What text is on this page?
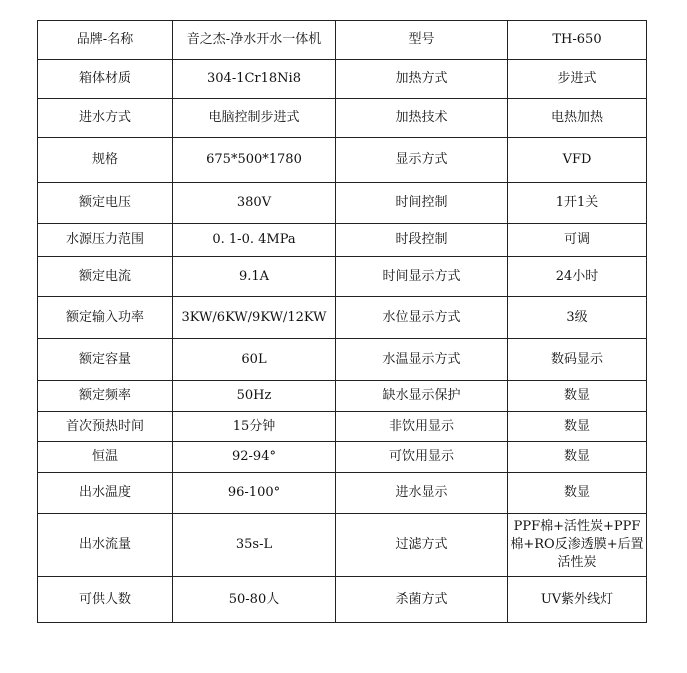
品牌-名称	音之杰-净水开水一体机	型号	TH-650
箱体材质	304-1Cr18Ni8	加热方式	步进式
进水方式	电脑控制步进式	加热技术	电热加热
规格	675*500*1780	显示方式	VFD
额定电压	380V	时间控制	1开1关
水源压力范围	0. 1-0. 4MPa	时段控制	可调
额定电流	9.1A	时间显示方式	24小时
额定输入功率	3KW/6KW/9KW/12KW	水位显示方式	3级
额定容量	60L	水温显示方式	数码显示
额定频率	50Hz	缺水显示保护	数显
首次预热时间	15分钟	非饮用显示	数显
恒温	92-94°	可饮用显示	数显
出水温度	96-100°	进水显示	数显
出水流量	35s-L	过滤方式	PPF棉+活性炭+PPF棉+RO反渗透膜+后置活性炭
可供人数	50-80人	杀菌方式	UV紫外线灯
